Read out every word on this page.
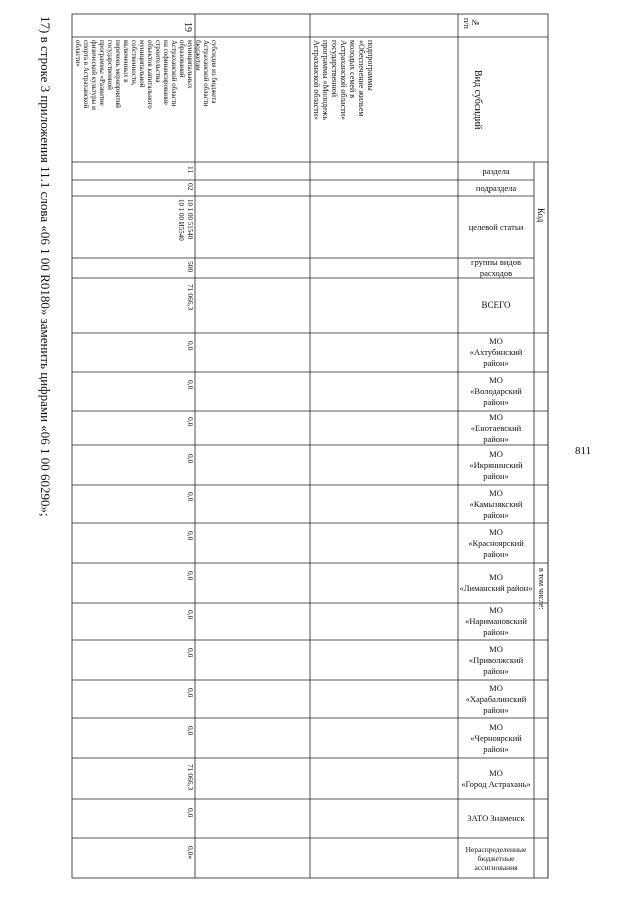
811
17) в строке 3 приложения 11.1 слова «06 1 00 R0180» заменить цифрами «06 1 00 60290»;	№
п/п
Вид субсидий
Код
раздела
подраздела
целевой статьи
группы видов расходов
ВСЕГО
в том числе:
МО
«Ахтубинский район»
МО
«Володарский район»
МО
«Енотаевский район»
МО
«Икрянинский район»
МО
«Камызякский район»
МО
«Красноярский район»
МО
«Лиманский район»
МО
«Наримановский район»
МО
«Приволжский район»
МО
«Харабалинский район»
МО
«Черноярский район»
МО
«Город Астрахань»
ЗАТО Знаменск
Нераспределенные
бюджетные
ассигнования
подпрограммы
«Обеспечение жильем
молодых семей в
Астраханской области»
государственной
программы «Молодежь
Астраханской области»
субсидия из бюджета
Астраханской области
бюджетам
муниципальных
образований
Астраханской области
на софинансирование
строительства
объектов капитального
муниципальной
собственности,
включенных в
перечень мероприятий
государственной
программы «Развитие
физической культуры и
спорта в Астраханской
области»
19
11
02
10 1 00 51540
10 1 00 И5540
500
71 066,3
0,0
0,0
0,0
0,0
0,0
0,0
0,0
0,0
0,0
0,0
0,0
71 066,3
0,0
0,0»
